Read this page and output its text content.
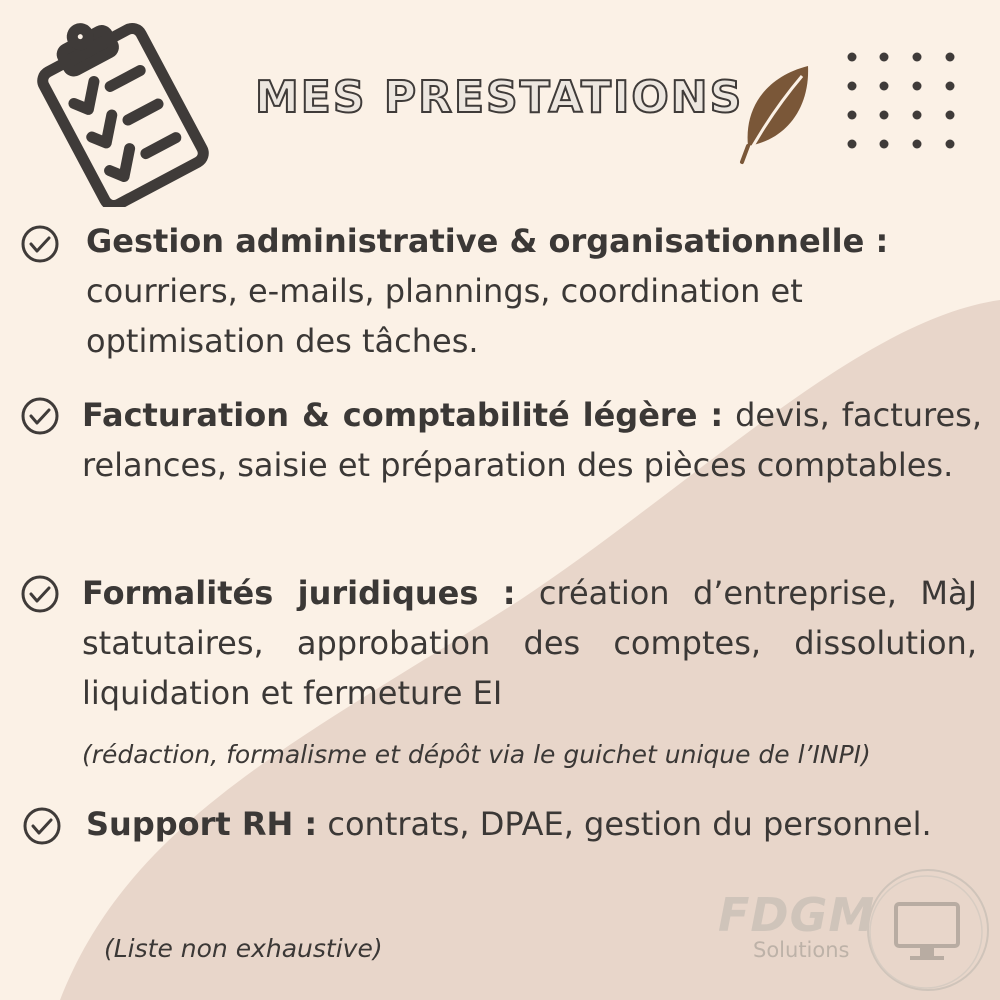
MES PRESTATIONS
Gestion administrative & organisationnelle :
courriers, e-mails, plannings, coordination et
optimisation des tâches.
Facturation & comptabilité légère : devis, factures, relances, saisie et préparation des pièces comptables.
Formalités juridiques : création d’entreprise, MàJ statutaires, approbation des comptes, dissolution, liquidation et fermeture EI
(rédaction, formalisme et dépôt via le guichet unique de l’INPI)
Support RH : contrats, DPAE, gestion du personnel.
(Liste non exhaustive)
FDGM
Solutions
